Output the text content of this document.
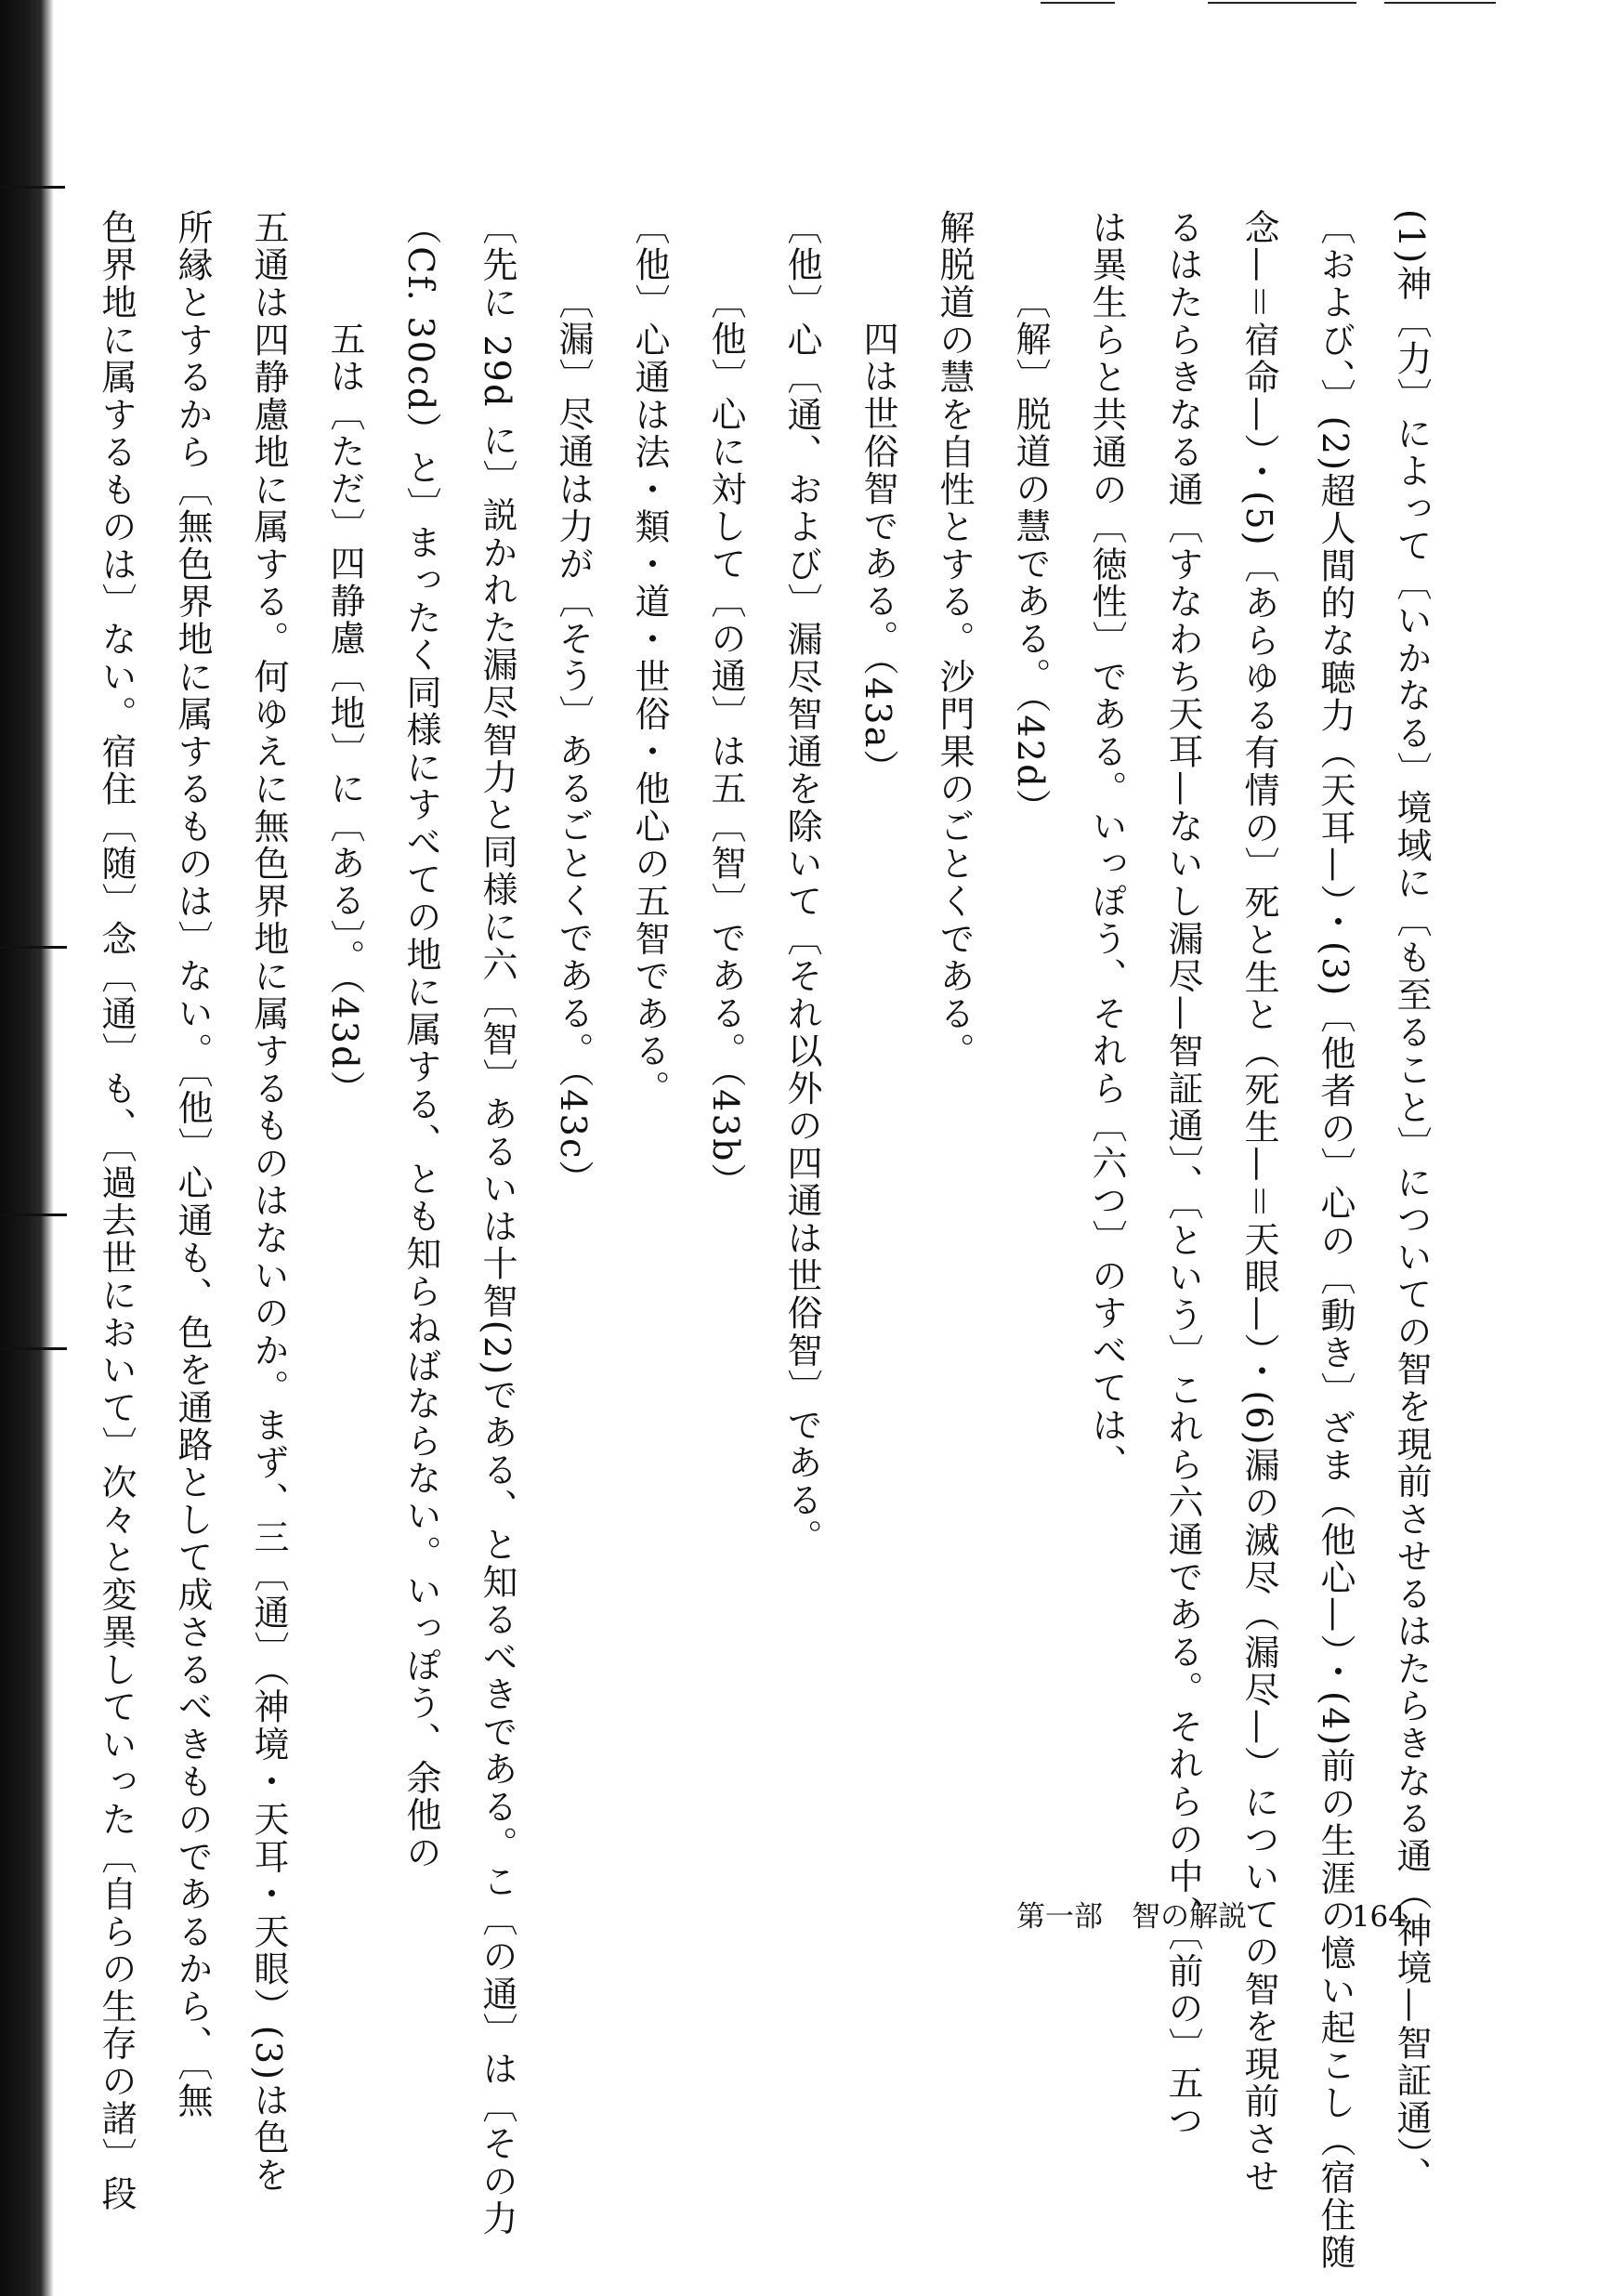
(1)神〔力〕によって〔いかなる〕境域に〔も至ること〕についての智を現前させるはたらきなる通（神境—智証通）、
〔および、〕(2)超人間的な聴力（天耳—）・(3)〔他者の〕心の〔動き〕ざま（他心—）・(4)前の生涯の憶い起こし（宿住随
念—＝宿命—）・(5)〔あらゆる有情の〕死と生と（死生—＝天眼—）・(6)漏の滅尽（漏尽—）についての智を現前させ
るはたらきなる通〔すなわち天耳—ないし漏尽—智証通〕、〔という〕これら六通である。それらの中、〔前の〕五つ
は異生らと共通の〔徳性〕である。いっぽう、それら〔六つ〕のすべては、
〔解〕脱道の慧である。（42d）
解脱道の慧を自性とする。沙門果のごとくである。
四は世俗智である。（43a）
〔他〕心〔通、および〕漏尽智通を除いて〔それ以外の四通は世俗智〕である。
〔他〕心に対して〔の通〕は五〔智〕である。（43b）
〔他〕心通は法・類・道・世俗・他心の五智である。
〔漏〕尽通は力が〔そう〕あるごとくである。（43c）
〔先に 29d に〕説かれた漏尽智力と同様に六〔智〕あるいは十智(2)である、と知るべきである。こ〔の通〕は〔その力
（Cf. 30cd）と〕まったく同様にすべての地に属する、とも知らねばならない。いっぽう、余他の
五は〔ただ〕四静慮〔地〕に〔ある〕。（43d）
五通は四静慮地に属する。何ゆえに無色界地に属するものはないのか。まず、三〔通〕（神境・天耳・天眼）(3)は色を
所縁とするから〔無色界地に属するものは〕ない。〔他〕心通も、色を通路として成さるべきものであるから、〔無
色界地に属するものは〕ない。宿住〔随〕念〔通〕も、〔過去世において〕次々と変異していった〔自らの生存の諸〕段	第一部　智の解説	164
